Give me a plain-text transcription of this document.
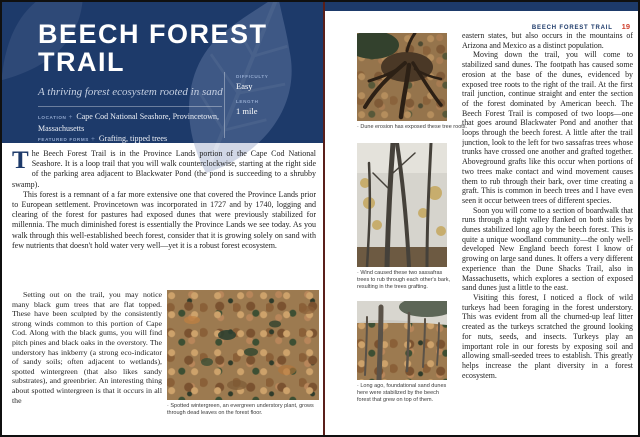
BEECH FOREST
TRAIL
A thriving forest ecosystem rooted in sand
LOCATION + Cape Cod National Seashore, Provincetown, Massachusetts
FEATURED FORMS + Grafting, tipped trees
DIFFICULTY
Easy
LENGTH
1 mile

The Beech Forest Trail is in the Province Lands portion of the Cape Cod National Seashore. It is a loop trail that you will walk counterclockwise, starting at the right side of the parking area adjacent to Blackwater Pond (the pond is succeeding to a shrubby swamp).

This forest is a remnant of a far more extensive one that covered the Province Lands prior to European settlement. Provincetown was incorporated in 1727 and by 1740, logging and clearing of the forest for pastures had exposed dunes that were previously stabilized for millennia. The much diminished forest is essentially the Province Lands we see today. As you walk through this well-established beech forest, consider that it is growing solely on sand with few nutrients that doesn't hold water very well—yet it is a robust forest ecosystem.

Setting out on the trail, you may notice many black gum trees that are flat topped. These have been sculpted by the consistently strong winds common to this portion of Cape Cod. Along with the black gums, you will find pitch pines and black oaks in the overstory. The understory has inkberry (a strong eco-indicator of sandy soils; often adjacent to wetlands), spotted wintergreen (that also likes sandy substrates), and greenbrier. An interesting thing about spotted wintergreen is that it occurs in all the

· Spotted wintergreen, an evergreen understory plant, grows through dead leaves on the forest floor.
BEECH FOREST TRAIL 19
· Dune erosion has exposed these tree roots.
· Wind caused these two sassafras trees to rub through each other's bark, resulting in the trees grafting.
· Long ago, foundational sand dunes here were stabilized by the beech forest that grew on top of them.

eastern states, but also occurs in the mountains of Arizona and Mexico as a distinct population.

Moving down the trail, you will come to stabilized sand dunes. The footpath has caused some erosion at the base of the dunes, evidenced by exposed tree roots to the right of the trail. At the first trail junction, continue straight and enter the section of the forest dominated by American beech. The Beech Forest Trail is composed of two loops—one that goes around Blackwater Pond and another that loops through the beech forest. A little after the trail junction, look to the left for two sassafras trees whose trunks have crossed one another and grafted together. Aboveground grafts like this occur when portions of two trees make contact and wind movement causes them to rub through their bark, over time creating a graft. This is common in beech trees and I have even seen it occur between trees of different species.

Soon you will come to a section of boardwalk that runs through a tight valley flanked on both sides by dunes stabilized long ago by the beech forest. This is quite a unique woodland community—the only well-developed New England beech forest I know of growing on large sand dunes. It offers a very different experience than the Dune Shacks Trail, also in Massachusetts, which explores a section of exposed sand dunes just a little to the east.

Visiting this forest, I noticed a flock of wild turkeys had been foraging in the forest understory. This was evident from all the churned-up leaf litter created as the turkeys scratched the ground looking for nuts, seeds, and insects. Turkeys play an important role in our forests by exposing soil and allowing small-seeded trees to establish. This greatly helps increase the plant diversity in a forest ecosystem.
